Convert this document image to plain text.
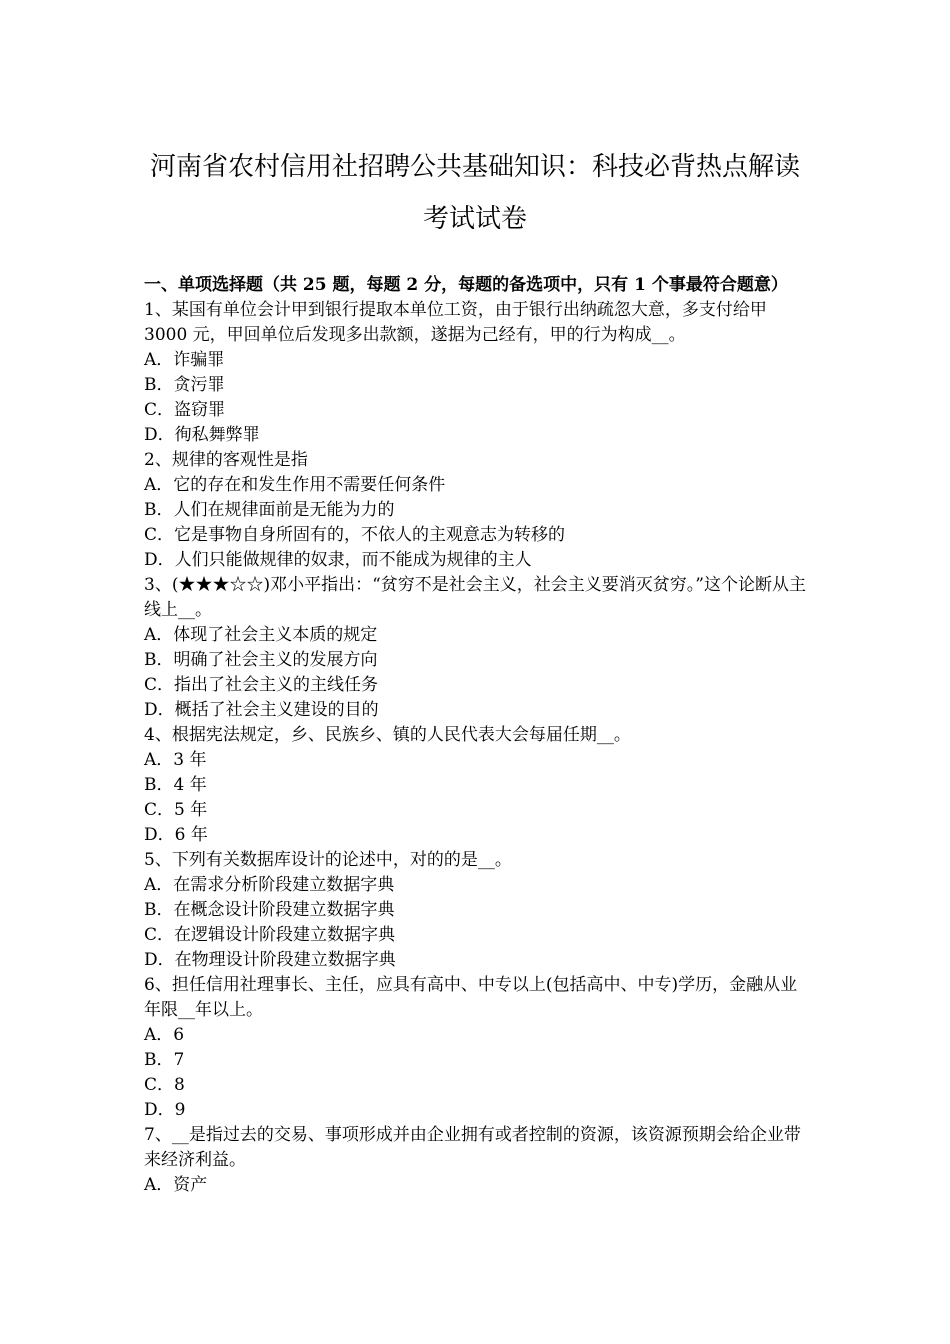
河南省农村信用社招聘公共基础知识：科技必背热点解读
考试试卷

一、单项选择题（共 25 题，每题 2 分，每题的备选项中，只有 1 个事最符合题意）

1、某国有单位会计甲到银行提取本单位工资，由于银行出纳疏忽大意，多支付给甲 3000 元，甲回单位后发现多出款额，遂据为己经有，甲的行为构成__。

A．诈骗罪

B．贪污罪

C．盗窃罪

D．徇私舞弊罪

2、规律的客观性是指

A．它的存在和发生作用不需要任何条件

B．人们在规律面前是无能为力的

C．它是事物自身所固有的，不依人的主观意志为转移的

D．人们只能做规律的奴隶，而不能成为规律的主人

3、(★★★☆☆)邓小平指出：“贫穷不是社会主义，社会主义要消灭贫穷。”这个论断从主线上__。

A．体现了社会主义本质的规定

B．明确了社会主义的发展方向

C．指出了社会主义的主线任务

D．概括了社会主义建设的目的

4、根据宪法规定，乡、民族乡、镇的人民代表大会每届任期__。

A．3 年

B．4 年

C．5 年

D．6 年

5、下列有关数据库设计的论述中，对的的是__。

A．在需求分析阶段建立数据字典

B．在概念设计阶段建立数据字典

C．在逻辑设计阶段建立数据字典

D．在物理设计阶段建立数据字典

6、担任信用社理事长、主任，应具有高中、中专以上(包括高中、中专)学历，金融从业年限__年以上。

A．6

B．7

C．8

D．9

7、__是指过去的交易、事项形成并由企业拥有或者控制的资源，该资源预期会给企业带来经济利益。

A．资产
